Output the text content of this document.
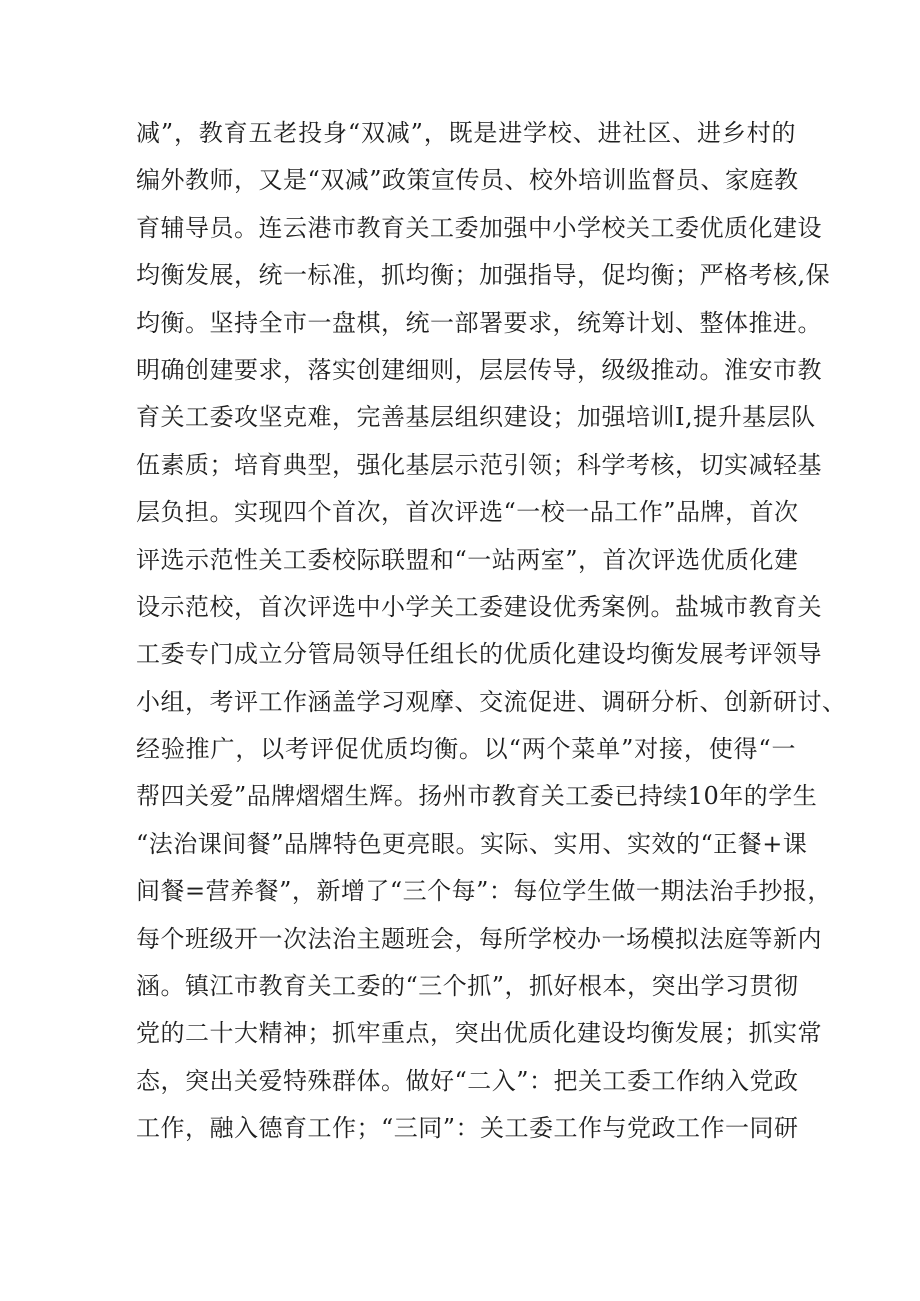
减”，教育五老投身“双减”，既是进学校、进社区、进乡村的
编外教师，又是“双减”政策宣传员、校外培训监督员、家庭教
育辅导员。连云港市教育关工委加强中小学校关工委优质化建设
均衡发展，统一标准，抓均衡；加强指导，促均衡；严格考核,保
均衡。坚持全市一盘棋，统一部署要求，统筹计划、整体推进。
明确创建要求，落实创建细则，层层传导，级级推动。淮安市教
育关工委攻坚克难，完善基层组织建设；加强培训I,提升基层队
伍素质；培育典型，强化基层示范引领；科学考核，切实减轻基
层负担。实现四个首次，首次评选“一校一品工作”品牌，首次
评选示范性关工委校际联盟和“一站两室”，首次评选优质化建
设示范校，首次评选中小学关工委建设优秀案例。盐城市教育关
工委专门成立分管局领导任组长的优质化建设均衡发展考评领导
小组，考评工作涵盖学习观摩、交流促进、调研分析、创新研讨、
经验推广，以考评促优质均衡。以“两个菜单”对接，使得“一
帮四关爱”品牌熠熠生辉。扬州市教育关工委已持续10年的学生
“法治课间餐”品牌特色更亮眼。实际、实用、实效的“正餐+课
间餐=营养餐”，新增了“三个每”：每位学生做一期法治手抄报，
每个班级开一次法治主题班会，每所学校办一场模拟法庭等新内
涵。镇江市教育关工委的“三个抓”，抓好根本，突出学习贯彻
党的二十大精神；抓牢重点，突出优质化建设均衡发展；抓实常
态，突出关爱特殊群体。做好“二入”：把关工委工作纳入党政
工作，融入德育工作；“三同”：关工委工作与党政工作一同研
